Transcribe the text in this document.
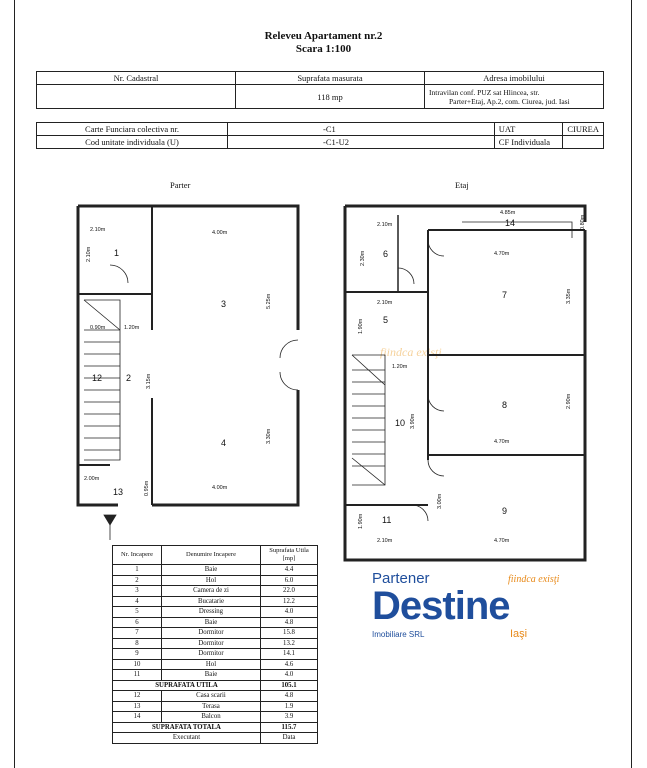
Releveu Apartament nr.2
Scara 1:100
Nr. Cadastral	Suprafata masurata	Adresa imobilului
	118 mp	Intravilan conf. PUZ sat Hlincea, str.
Parter+Etaj, Ap.2, com. Ciurea, jud. Iasi
Carte Funciara colectiva nr.	-C1	UAT	CIUREA
Cod unitate individuala (U)	-C1-U2	CF Individuala	
Parter	Etaj
fiindca exisţi
2.10m	4.00m
2.10m
5.25m
0.90m	1.20m
3.15m
3.30m
2.00m
0.95m	4.00m
1
2
3
4
12
13
4.85m
0.80m
2.10m
2.30m	4.70m
3.35m
2.10m
1.90m
1.20m
3.90m
2.90m
4.70m
1.90m
3.00m
2.10m	4.70m
5
6
7
8
9
10
11
14
Nr. Incapere	Denumire Incapere	Suprafata Utila [mp]
1	Baie	4.4
2	Hol	6.0
3	Camera de zi	22.0
4	Bucatarie	12.2
5	Dressing	4.0
6	Baie	4.8
7	Dormitor	15.8
8	Dormitor	13.2
9	Dormitor	14.1
10	Hol	4.6
11	Baie	4.0
SUPRAFATA UTILA		105.1
12	Casa scarii	4.8
13	Terasa	1.9
14	Balcon	3.9
SUPRAFATA TOTALA		115.7
Executant		Data
Partener
Destine
fiindca exisţi
Imobiliare SRL	Iaşi
